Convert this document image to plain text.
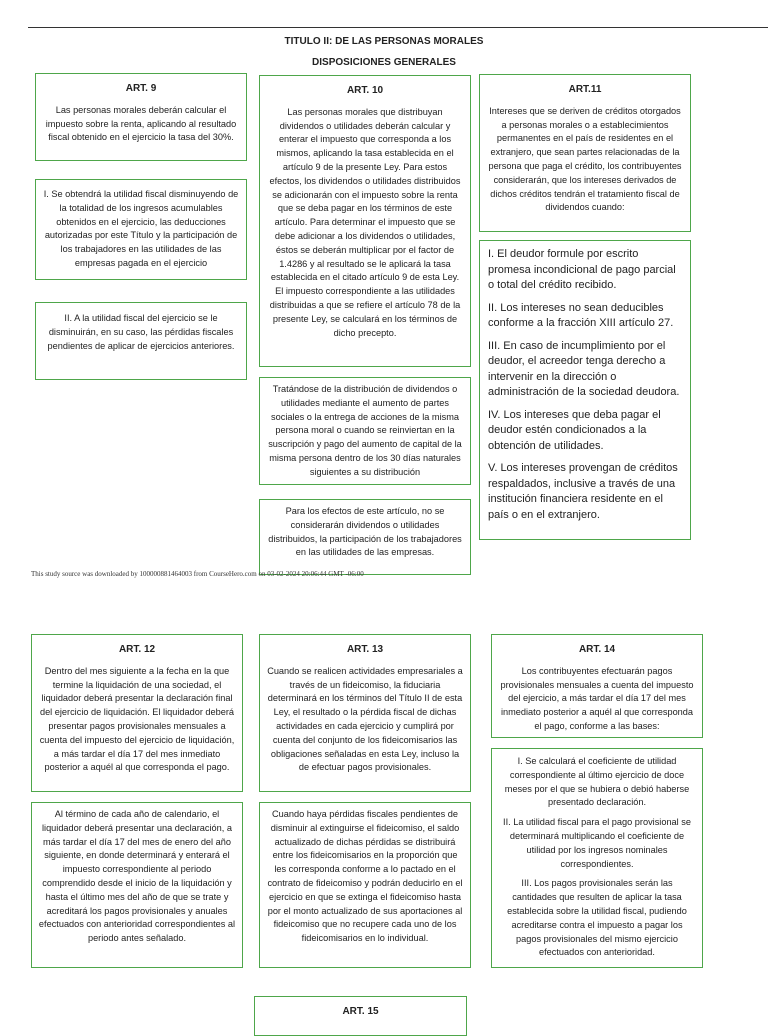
TITULO II: DE LAS PERSONAS MORALES
DISPOSICIONES GENERALES
ART. 9

Las personas morales deberán calcular el impuesto sobre la renta, aplicando al resultado fiscal obtenido en el ejercicio la tasa del 30%.

I. Se obtendrá la utilidad fiscal disminuyendo de la totalidad de los ingresos acumulables obtenidos en el ejercicio, las deducciones autorizadas por este Título y la participación de los trabajadores en las utilidades de las empresas pagada en el ejercicio

II. A la utilidad fiscal del ejercicio se le disminuirán, en su caso, las pérdidas fiscales pendientes de aplicar de ejercicios anteriores.

ART. 10

Las personas morales que distribuyan dividendos o utilidades deberán calcular y enterar el impuesto que corresponda a los mismos, aplicando la tasa establecida en el artículo 9 de la presente Ley. Para estos efectos, los dividendos o utilidades distribuidos se adicionarán con el impuesto sobre la renta que se deba pagar en los términos de este artículo. Para determinar el impuesto que se debe adicionar a los dividendos o utilidades, éstos se deberán multiplicar por el factor de 1.4286 y al resultado se le aplicará la tasa establecida en el citado artículo 9 de esta Ley. El impuesto correspondiente a las utilidades distribuidas a que se refiere el artículo 78 de la presente Ley, se calculará en los términos de dicho precepto.

Tratándose de la distribución de dividendos o utilidades mediante el aumento de partes sociales o la entrega de acciones de la misma persona moral o cuando se reinviertan en la suscripción y pago del aumento de capital de la misma persona dentro de los 30 días naturales siguientes a su distribución

Para los efectos de este artículo, no se considerarán dividendos o utilidades distribuidos, la participación de los trabajadores en las utilidades de las empresas.

ART.11

Intereses que se deriven de créditos otorgados a personas morales o a establecimientos permanentes en el país de residentes en el extranjero, que sean partes relacionadas de la persona que paga el crédito, los contribuyentes considerarán, que los intereses derivados de dichos créditos tendrán el tratamiento fiscal de dividendos cuando:

I. El deudor formule por escrito promesa incondicional de pago parcial o total del crédito recibido.

II. Los intereses no sean deducibles conforme a la fracción XIII artículo 27.

III. En caso de incumplimiento por el deudor, el acreedor tenga derecho a intervenir en la dirección o administración de la sociedad deudora.

IV. Los intereses que deba pagar el deudor estén condicionados a la obtención de utilidades.

V. Los intereses provengan de créditos respaldados, inclusive a través de una institución financiera residente en el país o en el extranjero.

This study source was downloaded by 100000881464003 from CourseHero.com on 03-02-2024 20:06:44 GMT -06:00
ART. 12

Dentro del mes siguiente a la fecha en la que termine la liquidación de una sociedad, el liquidador deberá presentar la declaración final del ejercicio de liquidación. El liquidador deberá presentar pagos provisionales mensuales a cuenta del impuesto del ejercicio de liquidación, a más tardar el día 17 del mes inmediato posterior a aquél al que corresponda el pago.

Al término de cada año de calendario, el liquidador deberá presentar una declaración, a más tardar el día 17 del mes de enero del año siguiente, en donde determinará y enterará el impuesto correspondiente al periodo comprendido desde el inicio de la liquidación y hasta el último mes del año de que se trate y acreditará los pagos provisionales y anuales efectuados con anterioridad correspondientes al periodo antes señalado.

ART. 13

Cuando se realicen actividades empresariales a través de un fideicomiso, la fiduciaria determinará en los términos del Título II de esta Ley, el resultado o la pérdida fiscal de dichas actividades en cada ejercicio y cumplirá por cuenta del conjunto de los fideicomisarios las obligaciones señaladas en esta Ley, incluso la de efectuar pagos provisionales.

Cuando haya pérdidas fiscales pendientes de disminuir al extinguirse el fideicomiso, el saldo actualizado de dichas pérdidas se distribuirá entre los fideicomisarios en la proporción que les corresponda conforme a lo pactado en el contrato de fideicomiso y podrán deducirlo en el ejercicio en que se extinga el fideicomiso hasta por el monto actualizado de sus aportaciones al fideicomiso que no recupere cada uno de los fideicomisarios en lo individual.

ART. 14

Los contribuyentes efectuarán pagos provisionales mensuales a cuenta del impuesto del ejercicio, a más tardar el día 17 del mes inmediato posterior a aquél al que corresponda el pago, conforme a las bases:

I. Se calculará el coeficiente de utilidad correspondiente al último ejercicio de doce meses por el que se hubiera o debió haberse presentado declaración.

II. La utilidad fiscal para el pago provisional se determinará multiplicando el coeficiente de utilidad por los ingresos nominales correspondientes.

III. Los pagos provisionales serán las cantidades que resulten de aplicar la tasa establecida sobre la utilidad fiscal, pudiendo acreditarse contra el impuesto a pagar los pagos provisionales del mismo ejercicio efectuados con anterioridad.

ART. 15
